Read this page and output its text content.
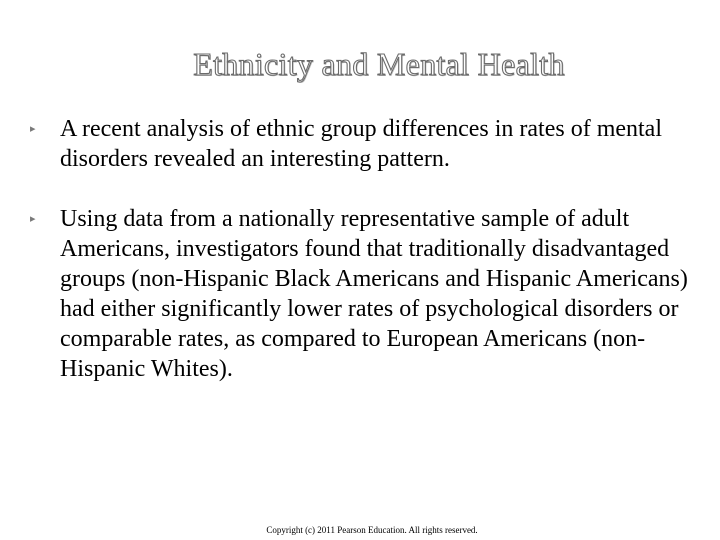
Ethnicity and Mental Health
▸ A recent analysis of ethnic group differences in rates of mental disorders revealed an interesting pattern.
▸ Using data from a nationally representative sample of adult Americans, investigators found that traditionally disadvantaged groups (non-Hispanic Black Americans and Hispanic Americans) had either significantly lower rates of psychological disorders or comparable rates, as compared to European Americans (non-Hispanic Whites).
Copyright (c) 2011 Pearson Education. All rights reserved.
